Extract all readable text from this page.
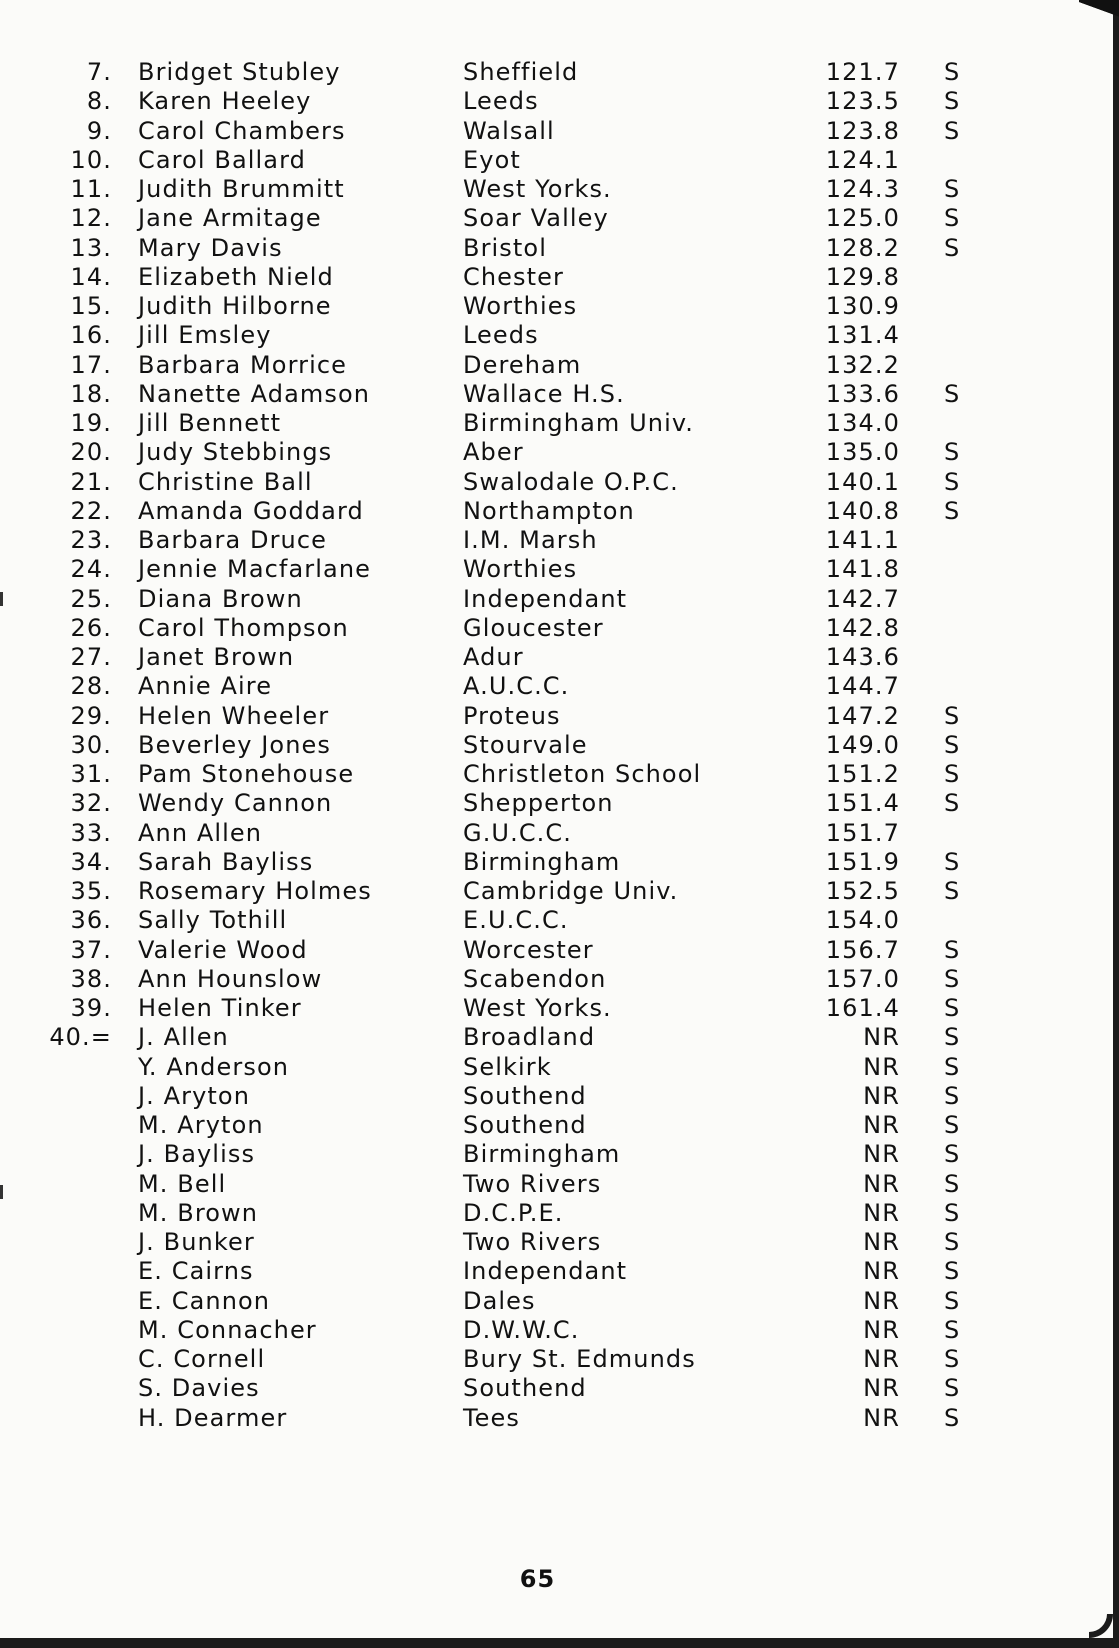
7. Bridget Stubley	Sheffield	121.7 S
8. Karen Heeley	Leeds	123.5 S
9. Carol Chambers	Walsall	123.8 S
10. Carol Ballard	Eyot	124.1
11. Judith Brummitt	West Yorks.	124.3 S
12. Jane Armitage	Soar Valley	125.0 S
13. Mary Davis	Bristol	128.2 S
14. Elizabeth Nield	Chester	129.8
15. Judith Hilborne	Worthies	130.9
16. Jill Emsley	Leeds	131.4
17. Barbara Morrice	Dereham	132.2
18. Nanette Adamson	Wallace H.S.	133.6 S
19. Jill Bennett	Birmingham Univ.	134.0
20. Judy Stebbings	Aber	135.0 S
21. Christine Ball	Swalodale O.P.C.	140.1 S
22. Amanda Goddard	Northampton	140.8 S
23. Barbara Druce	I.M. Marsh	141.1
24. Jennie Macfarlane	Worthies	141.8
25. Diana Brown	Independant	142.7
26. Carol Thompson	Gloucester	142.8
27. Janet Brown	Adur	143.6
28. Annie Aire	A.U.C.C.	144.7
29. Helen Wheeler	Proteus	147.2 S
30. Beverley Jones	Stourvale	149.0 S
31. Pam Stonehouse	Christleton School	151.2 S
32. Wendy Cannon	Shepperton	151.4 S
33. Ann Allen	G.U.C.C.	151.7
34. Sarah Bayliss	Birmingham	151.9 S
35. Rosemary Holmes	Cambridge Univ.	152.5 S
36. Sally Tothill	E.U.C.C.	154.0
37. Valerie Wood	Worcester	156.7 S
38. Ann Hounslow	Scabendon	157.0 S
39. Helen Tinker	West Yorks.	161.4 S
40.= J. Allen	Broadland	NR S
Y. Anderson	Selkirk	NR S
J. Aryton	Southend	NR S
M. Aryton	Southend	NR S
J. Bayliss	Birmingham	NR S
M. Bell	Two Rivers	NR S
M. Brown	D.C.P.E.	NR S
J. Bunker	Two Rivers	NR S
E. Cairns	Independant	NR S
E. Cannon	Dales	NR S
M. Connacher	D.W.W.C.	NR S
C. Cornell	Bury St. Edmunds	NR S
S. Davies	Southend	NR S
H. Dearmer	Tees	NR S
65
